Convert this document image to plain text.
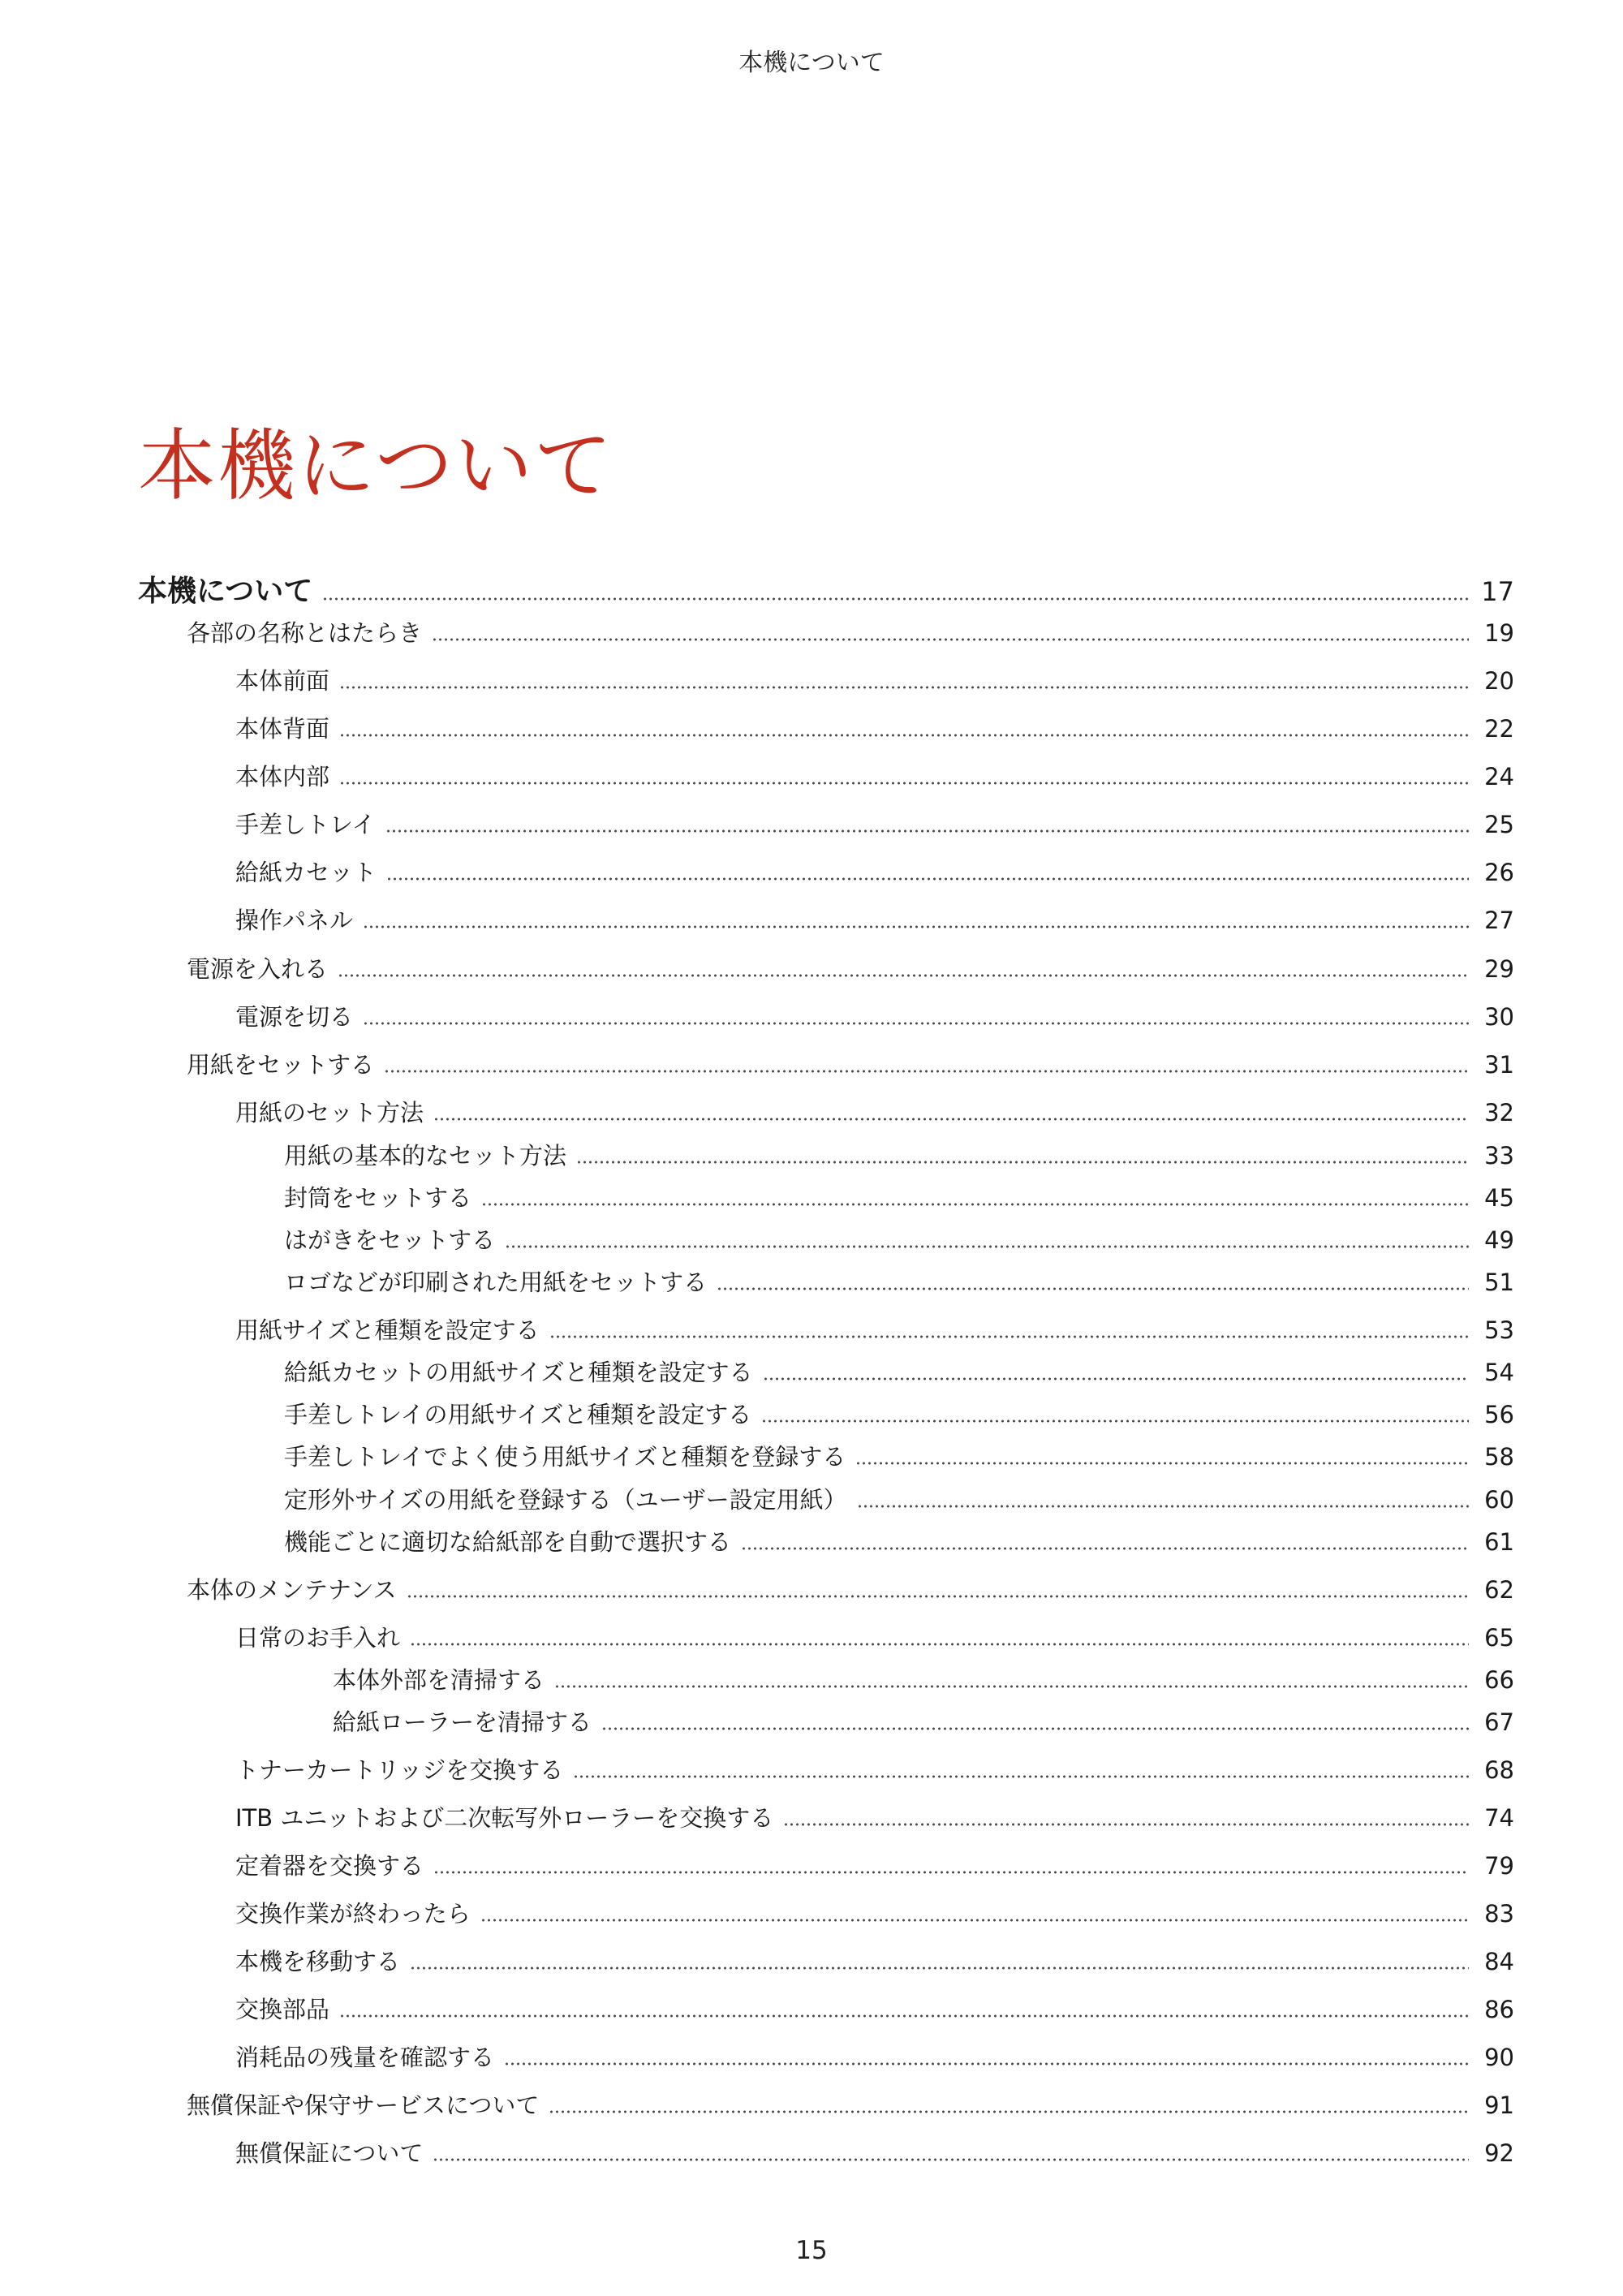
本機について
本機について
本機について	17
各部の名称とはたらき	19
本体前面	20
本体背面	22
本体内部	24
手差しトレイ	25
給紙カセット	26
操作パネル	27
電源を入れる	29
電源を切る	30
用紙をセットする	31
用紙のセット方法	32
用紙の基本的なセット方法	33
封筒をセットする	45
はがきをセットする	49
ロゴなどが印刷された用紙をセットする	51
用紙サイズと種類を設定する	53
給紙カセットの用紙サイズと種類を設定する	54
手差しトレイの用紙サイズと種類を設定する	56
手差しトレイでよく使う用紙サイズと種類を登録する	58
定形外サイズの用紙を登録する（ユーザー設定用紙）	60
機能ごとに適切な給紙部を自動で選択する	61
本体のメンテナンス	62
日常のお手入れ	65
本体外部を清掃する	66
給紙ローラーを清掃する	67
トナーカートリッジを交換する	68
ITB ユニットおよび二次転写外ローラーを交換する	74
定着器を交換する	79
交換作業が終わったら	83
本機を移動する	84
交換部品	86
消耗品の残量を確認する	90
無償保証や保守サービスについて	91
無償保証について	92
15
